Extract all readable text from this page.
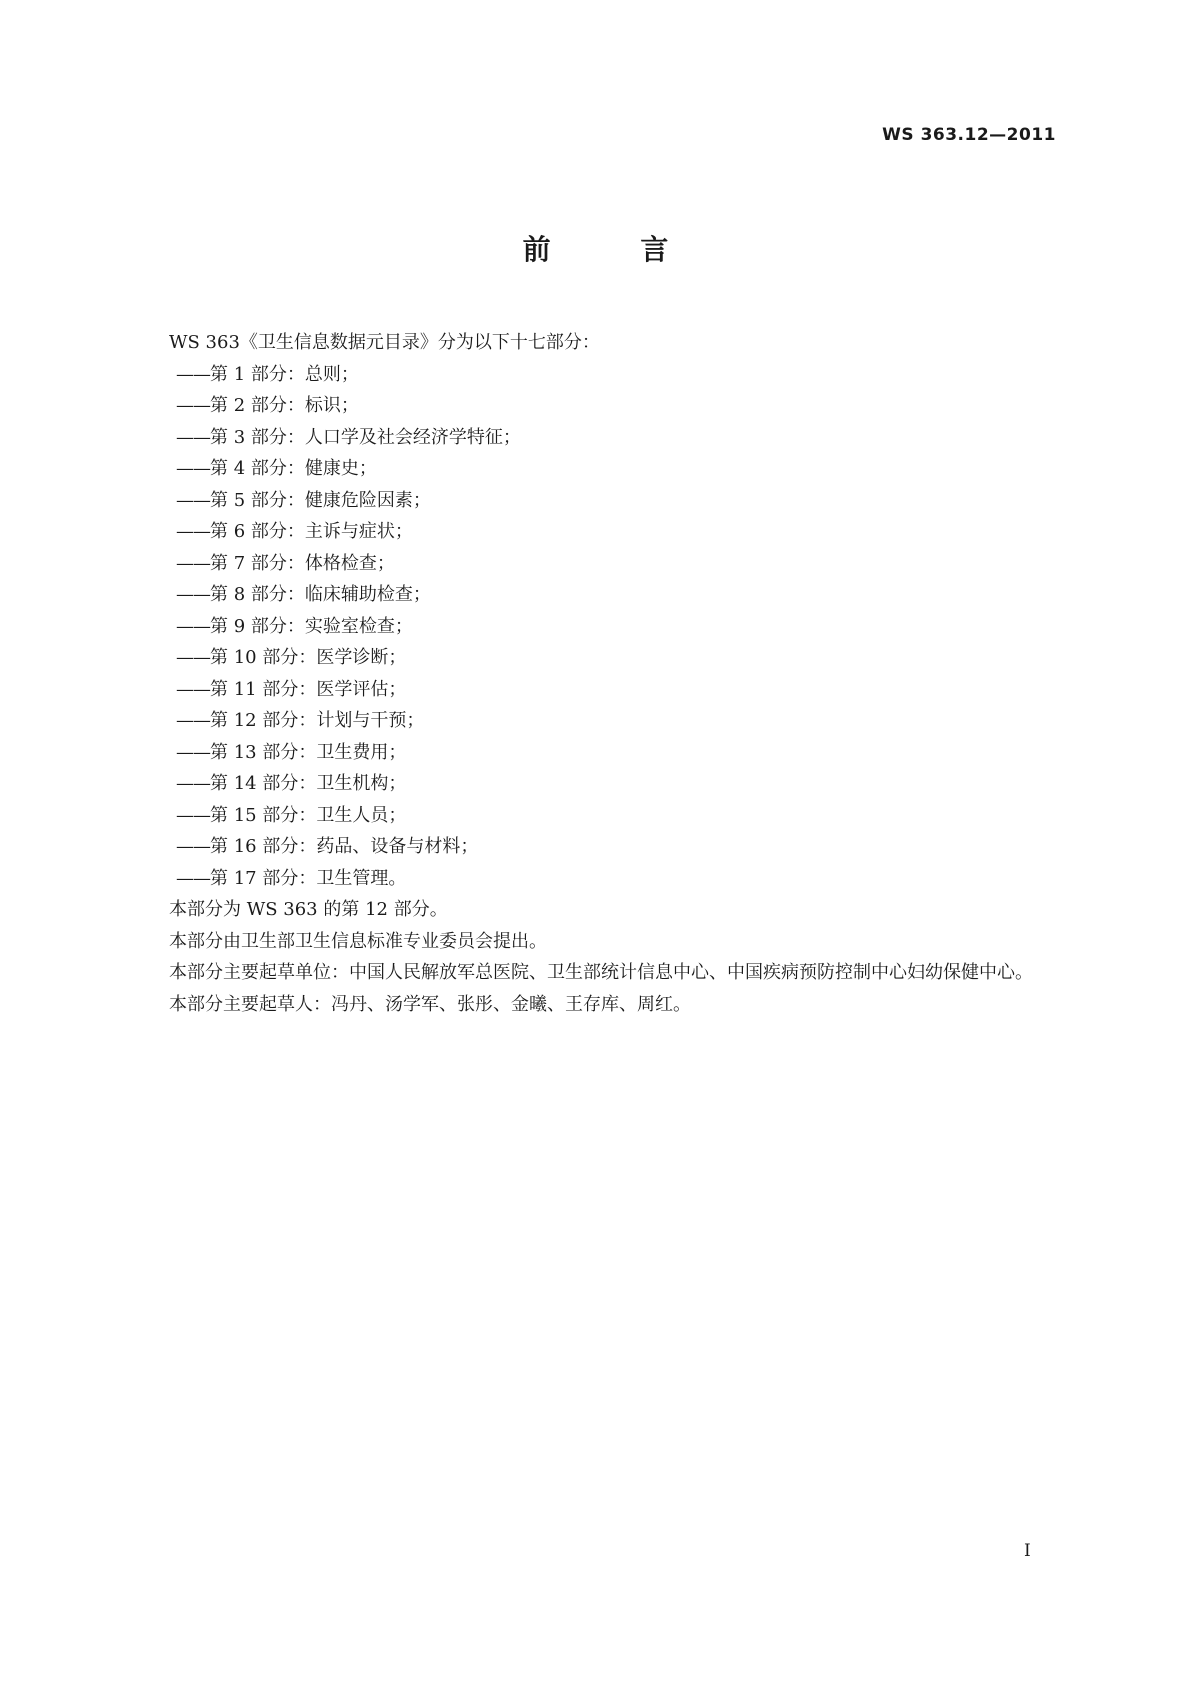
WS 363.12—2011
前 言

WS 363《卫生信息数据元目录》分为以下十七部分：

——第 1 部分：总则；
——第 2 部分：标识；
——第 3 部分：人口学及社会经济学特征；
——第 4 部分：健康史；
——第 5 部分：健康危险因素；
——第 6 部分：主诉与症状；
——第 7 部分：体格检查；
——第 8 部分：临床辅助检查；
——第 9 部分：实验室检查；
——第 10 部分：医学诊断；
——第 11 部分：医学评估；
——第 12 部分：计划与干预；
——第 13 部分：卫生费用；
——第 14 部分：卫生机构；
——第 15 部分：卫生人员；
——第 16 部分：药品、设备与材料；
——第 17 部分：卫生管理。

本部分为 WS 363 的第 12 部分。

本部分由卫生部卫生信息标准专业委员会提出。

本部分主要起草单位：中国人民解放军总医院、卫生部统计信息中心、中国疾病预防控制中心妇幼保健中心。

本部分主要起草人：冯丹、汤学军、张彤、金曦、王存库、周红。

I
